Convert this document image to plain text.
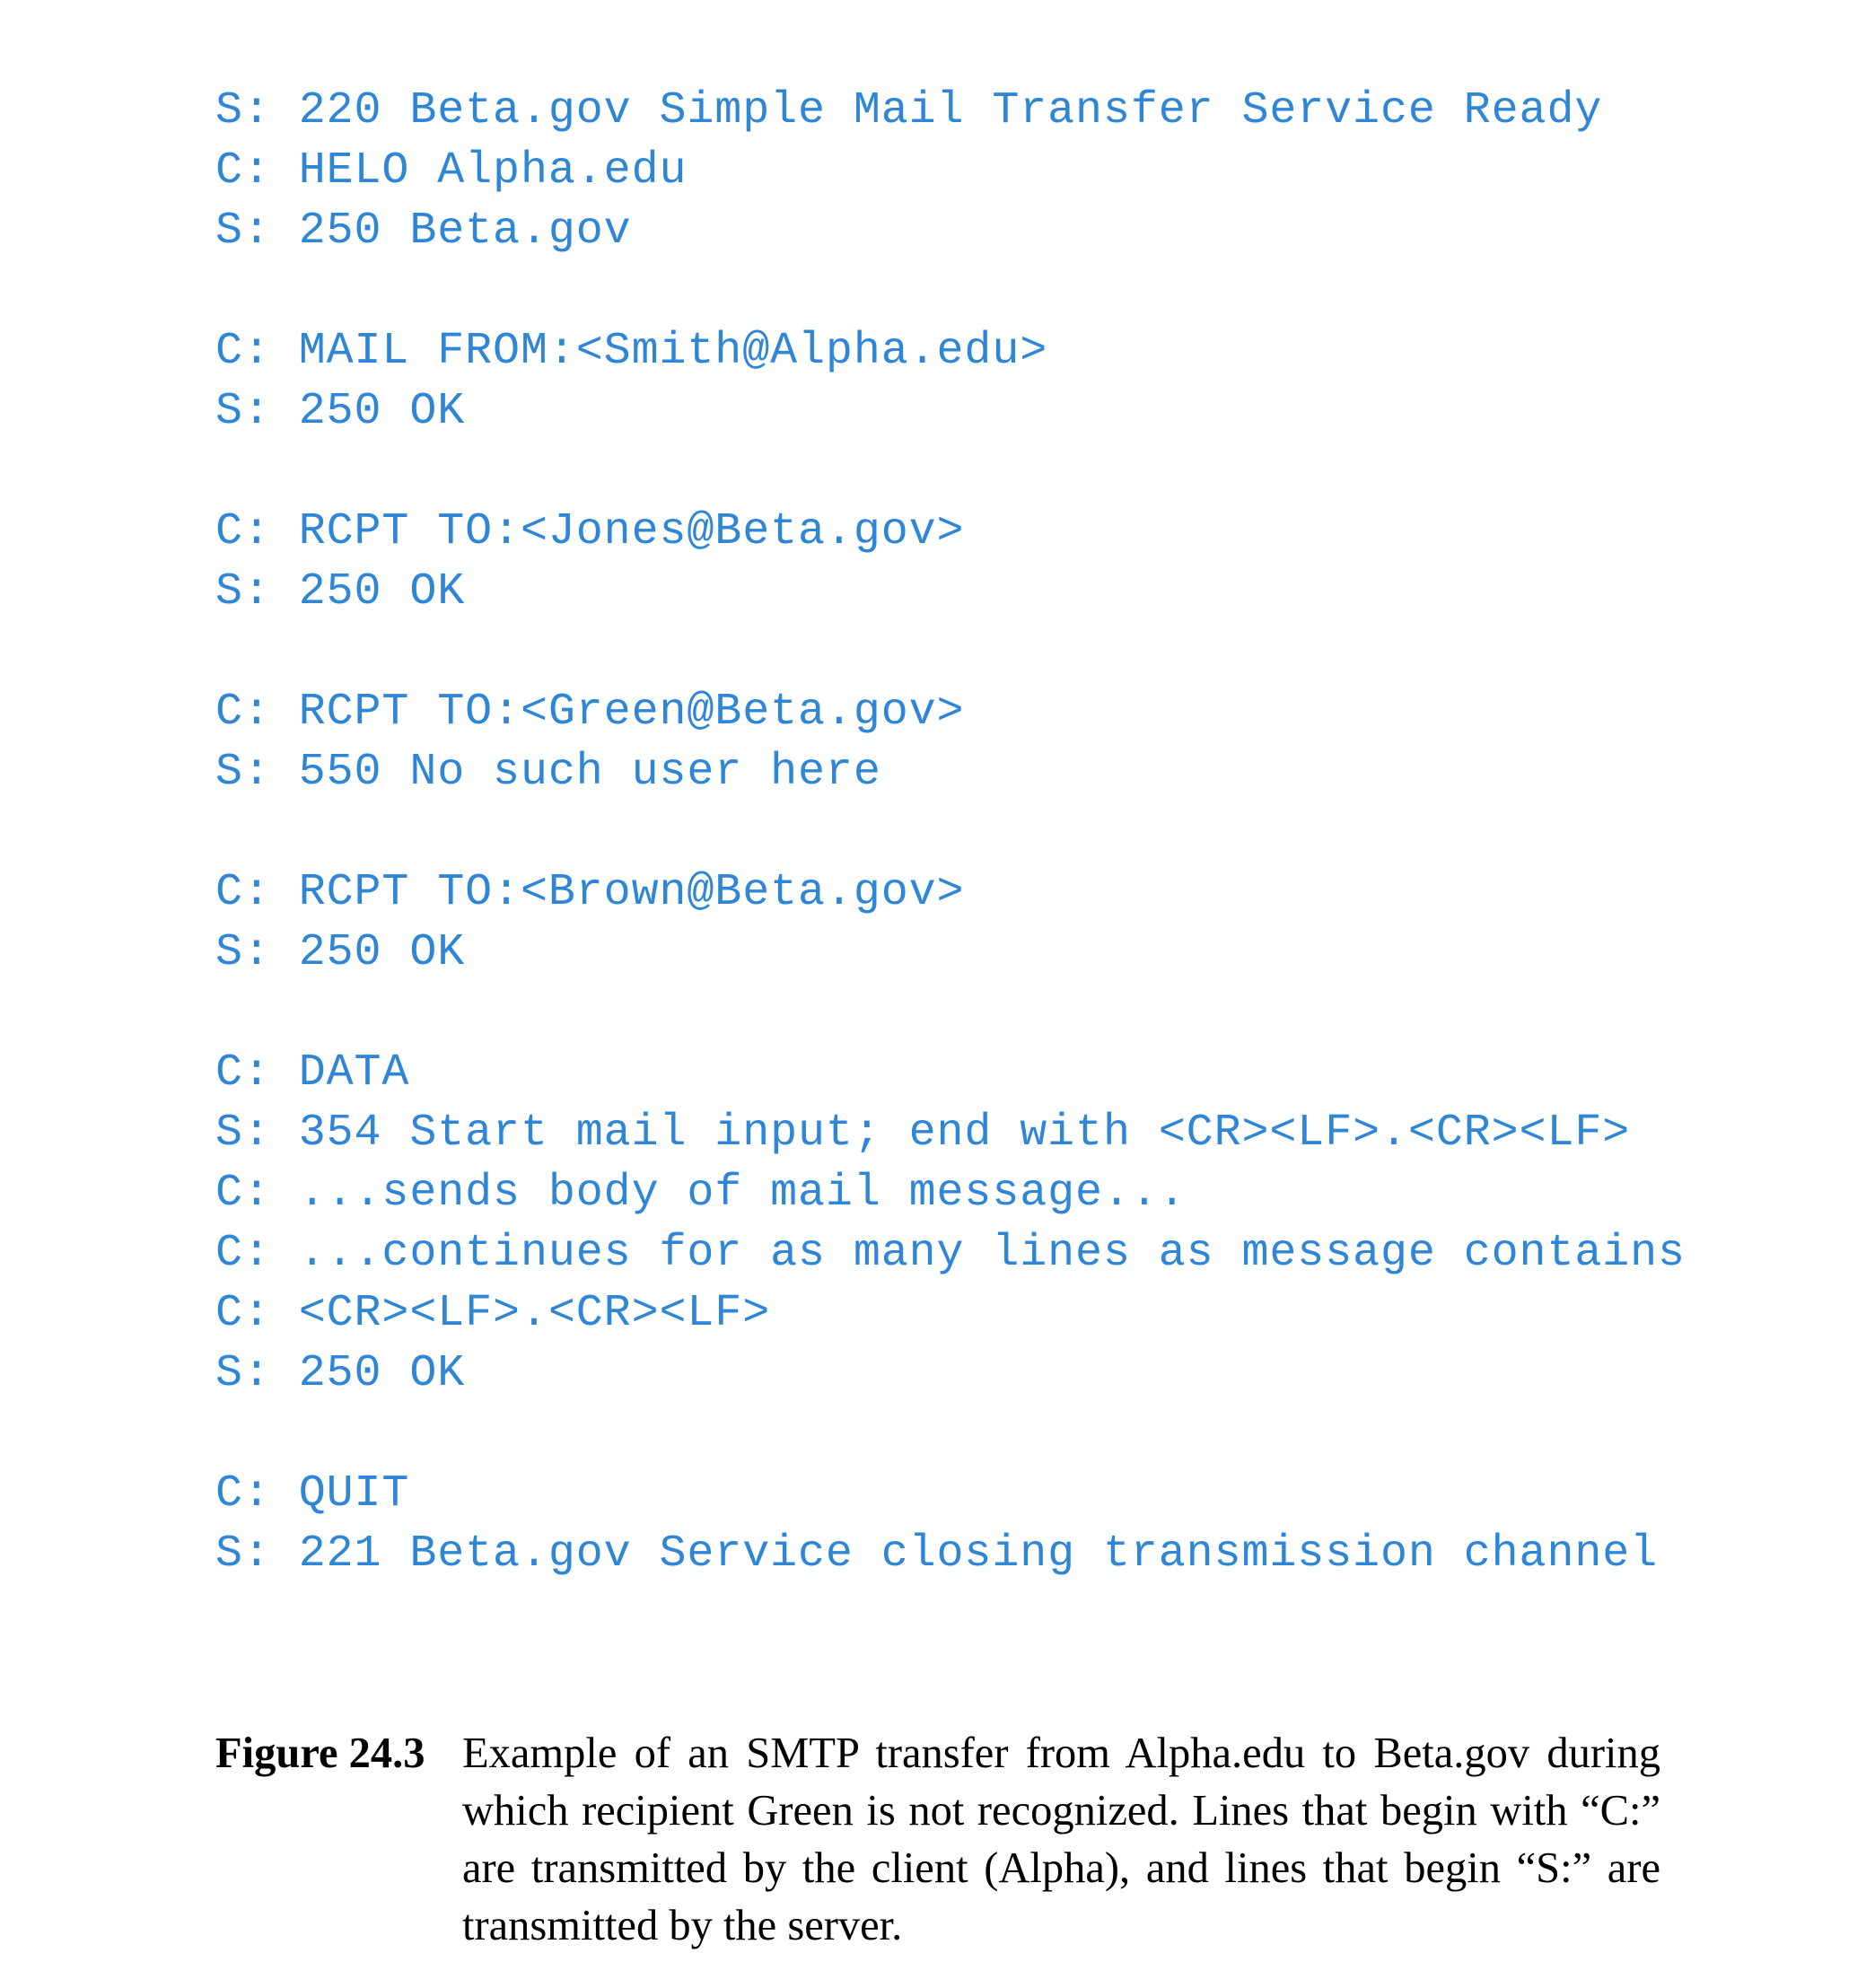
S: 220 Beta.gov Simple Mail Transfer Service Ready
C: HELO Alpha.edu
S: 250 Beta.gov
C: MAIL FROM:<Smith@Alpha.edu>
S: 250 OK
C: RCPT TO:<Jones@Beta.gov>
S: 250 OK
C: RCPT TO:<Green@Beta.gov>
S: 550 No such user here
C: RCPT TO:<Brown@Beta.gov>
S: 250 OK
C: DATA
S: 354 Start mail input; end with <CR><LF>.<CR><LF>
C: ...sends body of mail message...
C: ...continues for as many lines as message contains
C: <CR><LF>.<CR><LF>
S: 250 OK
C: QUIT
S: 221 Beta.gov Service closing transmission channel
Figure 24.3 Example of an SMTP transfer from Alpha.edu to Beta.gov during which recipient Green is not recognized. Lines that begin with “C:” are transmitted by the client (Alpha), and lines that begin “S:” are transmitted by the server.
